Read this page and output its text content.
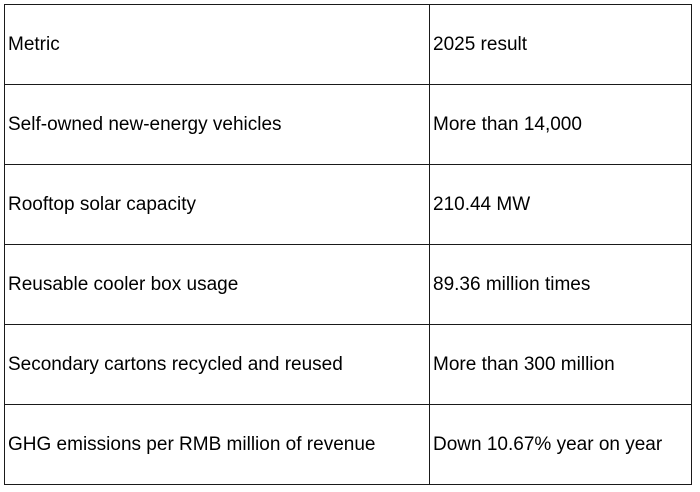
Metric	2025 result
Self-owned new-energy vehicles	More than 14,000
Rooftop solar capacity	210.44 MW
Reusable cooler box usage	89.36 million times
Secondary cartons recycled and reused	More than 300 million
GHG emissions per RMB million of revenue	Down 10.67% year on year
